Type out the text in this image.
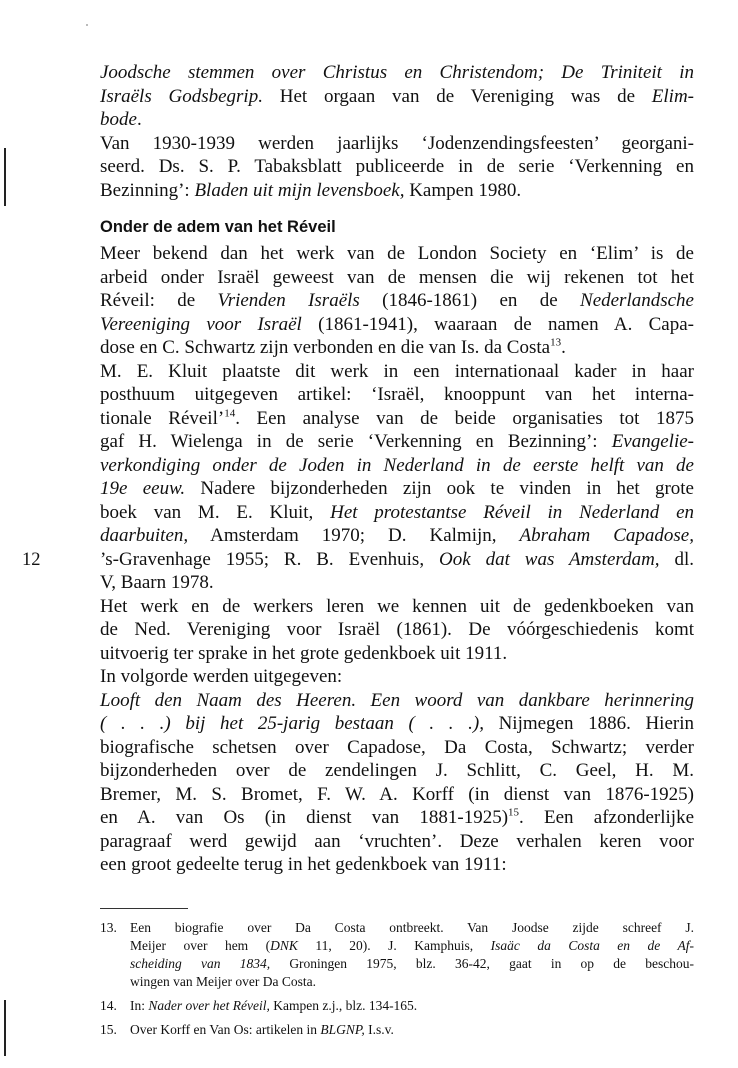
12
Joodsche stemmen over Christus en Christendom; De Triniteit in
Israëls Godsbegrip. Het orgaan van de Vereniging was de Elim-
bode.
Van 1930-1939 werden jaarlijks ‘Jodenzendingsfeesten’ georgani-
seerd. Ds. S. P. Tabaksblatt publiceerde in de serie ‘Verkenning en
Bezinning’: Bladen uit mijn levensboek, Kampen 1980.
Onder de adem van het Réveil
Meer bekend dan het werk van de London Society en ‘Elim’ is de
arbeid onder Israël geweest van de mensen die wij rekenen tot het
Réveil: de Vrienden Israëls (1846-1861) en de Nederlandsche
Vereeniging voor Israël (1861-1941), waaraan de namen A. Capa-
dose en C. Schwartz zijn verbonden en die van Is. da Costa$^{13}$.
M. E. Kluit plaatste dit werk in een internationaal kader in haar
posthuum uitgegeven artikel: ‘Israël, knooppunt van het interna-
tionale Réveil’$^{14}$. Een analyse van de beide organisaties tot 1875
gaf H. Wielenga in de serie ‘Verkenning en Bezinning’: Evangelie-
verkondiging onder de Joden in Nederland in de eerste helft van de
19e eeuw. Nadere bijzonderheden zijn ook te vinden in het grote
boek van M. E. Kluit, Het protestantse Réveil in Nederland en
daarbuiten, Amsterdam 1970; D. Kalmijn, Abraham Capadose,
’s-Gravenhage 1955; R. B. Evenhuis, Ook dat was Amsterdam, dl.
V, Baarn 1978.
Het werk en de werkers leren we kennen uit de gedenkboeken van
de Ned. Vereniging voor Israël (1861). De vóórgeschiedenis komt
uitvoerig ter sprake in het grote gedenkboek uit 1911.
In volgorde werden uitgegeven:
Looft den Naam des Heeren. Een woord van dankbare herinnering
( . . .) bij het 25-jarig bestaan ( . . .), Nijmegen 1886. Hierin
biografische schetsen over Capadose, Da Costa, Schwartz; verder
bijzonderheden over de zendelingen J. Schlitt, C. Geel, H. M.
Bremer, M. S. Bromet, F. W. A. Korff (in dienst van 1876-1925)
en A. van Os (in dienst van 1881-1925)$^{15}$. Een afzonderlijke
paragraaf werd gewijd aan ‘vruchten’. Deze verhalen keren voor
een groot gedeelte terug in het gedenkboek van 1911:
13. Een biografie over Da Costa ontbreekt. Van Joodse zijde schreef J.
Meijer over hem (DNK 11, 20). J. Kamphuis, Isaäc da Costa en de Af-
scheiding van 1834, Groningen 1975, blz. 36-42, gaat in op de beschou-
wingen van Meijer over Da Costa.
14. In: Nader over het Réveil, Kampen z.j., blz. 134-165.
15. Over Korff en Van Os: artikelen in BLGNP, I.s.v.
